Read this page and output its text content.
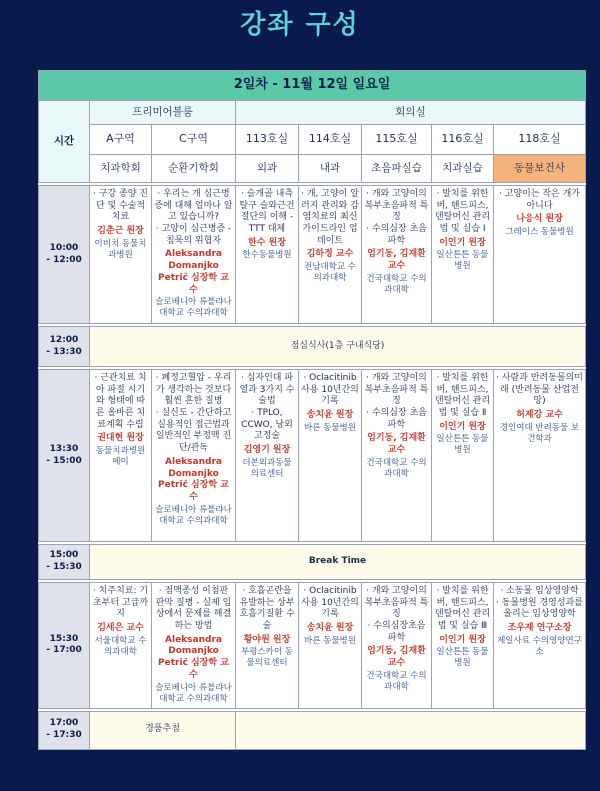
강좌 구성
2일차 - 11월 12일 일요일							
시간	프리미어볼룸		회의실				
	A구역	C구역	113호실	114호실	115호실	116호실	118호실
	치과학회	순환기학회	외과	내과	초음파실습	치과실습	동물보건사

10:00
- 12:00	· 구강 종양 진단 및 수술적 치료
김춘근 원장
이비치 동물치과병원	· 우리는 개 심근병증에 대해 얼마나 알고 있습니까?
· 고양이 심근병증 - 침묵의 위협자
Aleksandra Domanjko Petrič 심장학 교수
슬로베니아 류블랴나 대학교 수의과대학	· 슬개골 내측탈구 슬와근건 절단의 이해 - TTT 대체
한수 원장
한수동물병원	· 개, 고양이 알러지 관리와 감염치료의 최신 가이드라인 업데이트
김하정 교수
전남대학교 수의과대학	· 개와 고양이의 복부초음파적 특징
· 수의심장 초음파학
엄기동, 김재환 교수
건국대학교 수의과대학	· 발치를 위한 버, 핸드피스, 덴탈머신 관리법 및 실습 Ⅰ
이인기 원장
일산튼튼 동물병원	· 고양이는 작은 개가 아니다
나응식 원장
그레이스 동물병원

12:00
- 13:30	점심식사(1층 구내식당)						

13:30
- 15:00	· 근관치료 치아 파절 시기와 형태에 따른 올바른 치료계획 수립
권대현 원장
동물치과병원 메이	· 폐정고혈압 - 우리가 생각하는 것보다 훨씬 흔한 질병
· 실신도 - 간단하고 실용적인 접근법과 일반적인 부정맥 진단/관독
Aleksandra Domanjko Petrič 심장학 교수
슬로베니아 류블랴나 대학교 수의과대학	· 십자인대 파열과 3가지 수술법
· TPLO, CCWO, 낭외고정술
김영기 원장
더본외과동물 의료센터	· Oclacitinib 사용 10년간의 기록
송치윤 원장
바른 동물병원	· 개와 고양이의 복부초음파적 특징
· 수의심장 초음파학
엄기동, 김재환 교수
건국대학교 수의과대학	· 발치를 위한 버, 핸드피스, 덴탈머신 관리법 및 실습 Ⅱ
이인기 원장
일산튼튼 동물병원	· 사람과 반려동물의미래 (반려동물 산업전망)
허제강 교수
경인여대 반려동물 보건학과

15:00
- 15:30	Break Time						

15:30
- 17:00	· 치주치료: 기초부터 고급까지
김세은 교수
서울대학교 수의과대학	· 점액종성 이첨판 판막 질병 - 실제 임상에서 문제를 해결하는 방법
Aleksandra Domanjko Petrič 심장학 교수
슬로베니아 류블랴나 대학교 수의과대학	· 호흡곤란을 유발하는 상부 호흡기질환 수술
황야원 원장
부평스카이 동물의료센터	· Oclacitinib 사용 10년간의 기록
송치윤 원장
바른 동물병원	· 개와 고양이의 복부초음파적 특징
· 수의심장초음파학
엄기동, 김재환 교수
건국대학교 수의과대학	· 발치를 위한 버, 핸드피스, 덴탈머신 관리법 및 실습 Ⅲ
이인기 원장
일산튼튼 동물병원	· 소동물 임상영양학
· 동물병원 경영성과를 올리는 임상영양학
조우재 연구소장
제일사료 수의영양연구소

17:00
- 17:30	경품추첨						
